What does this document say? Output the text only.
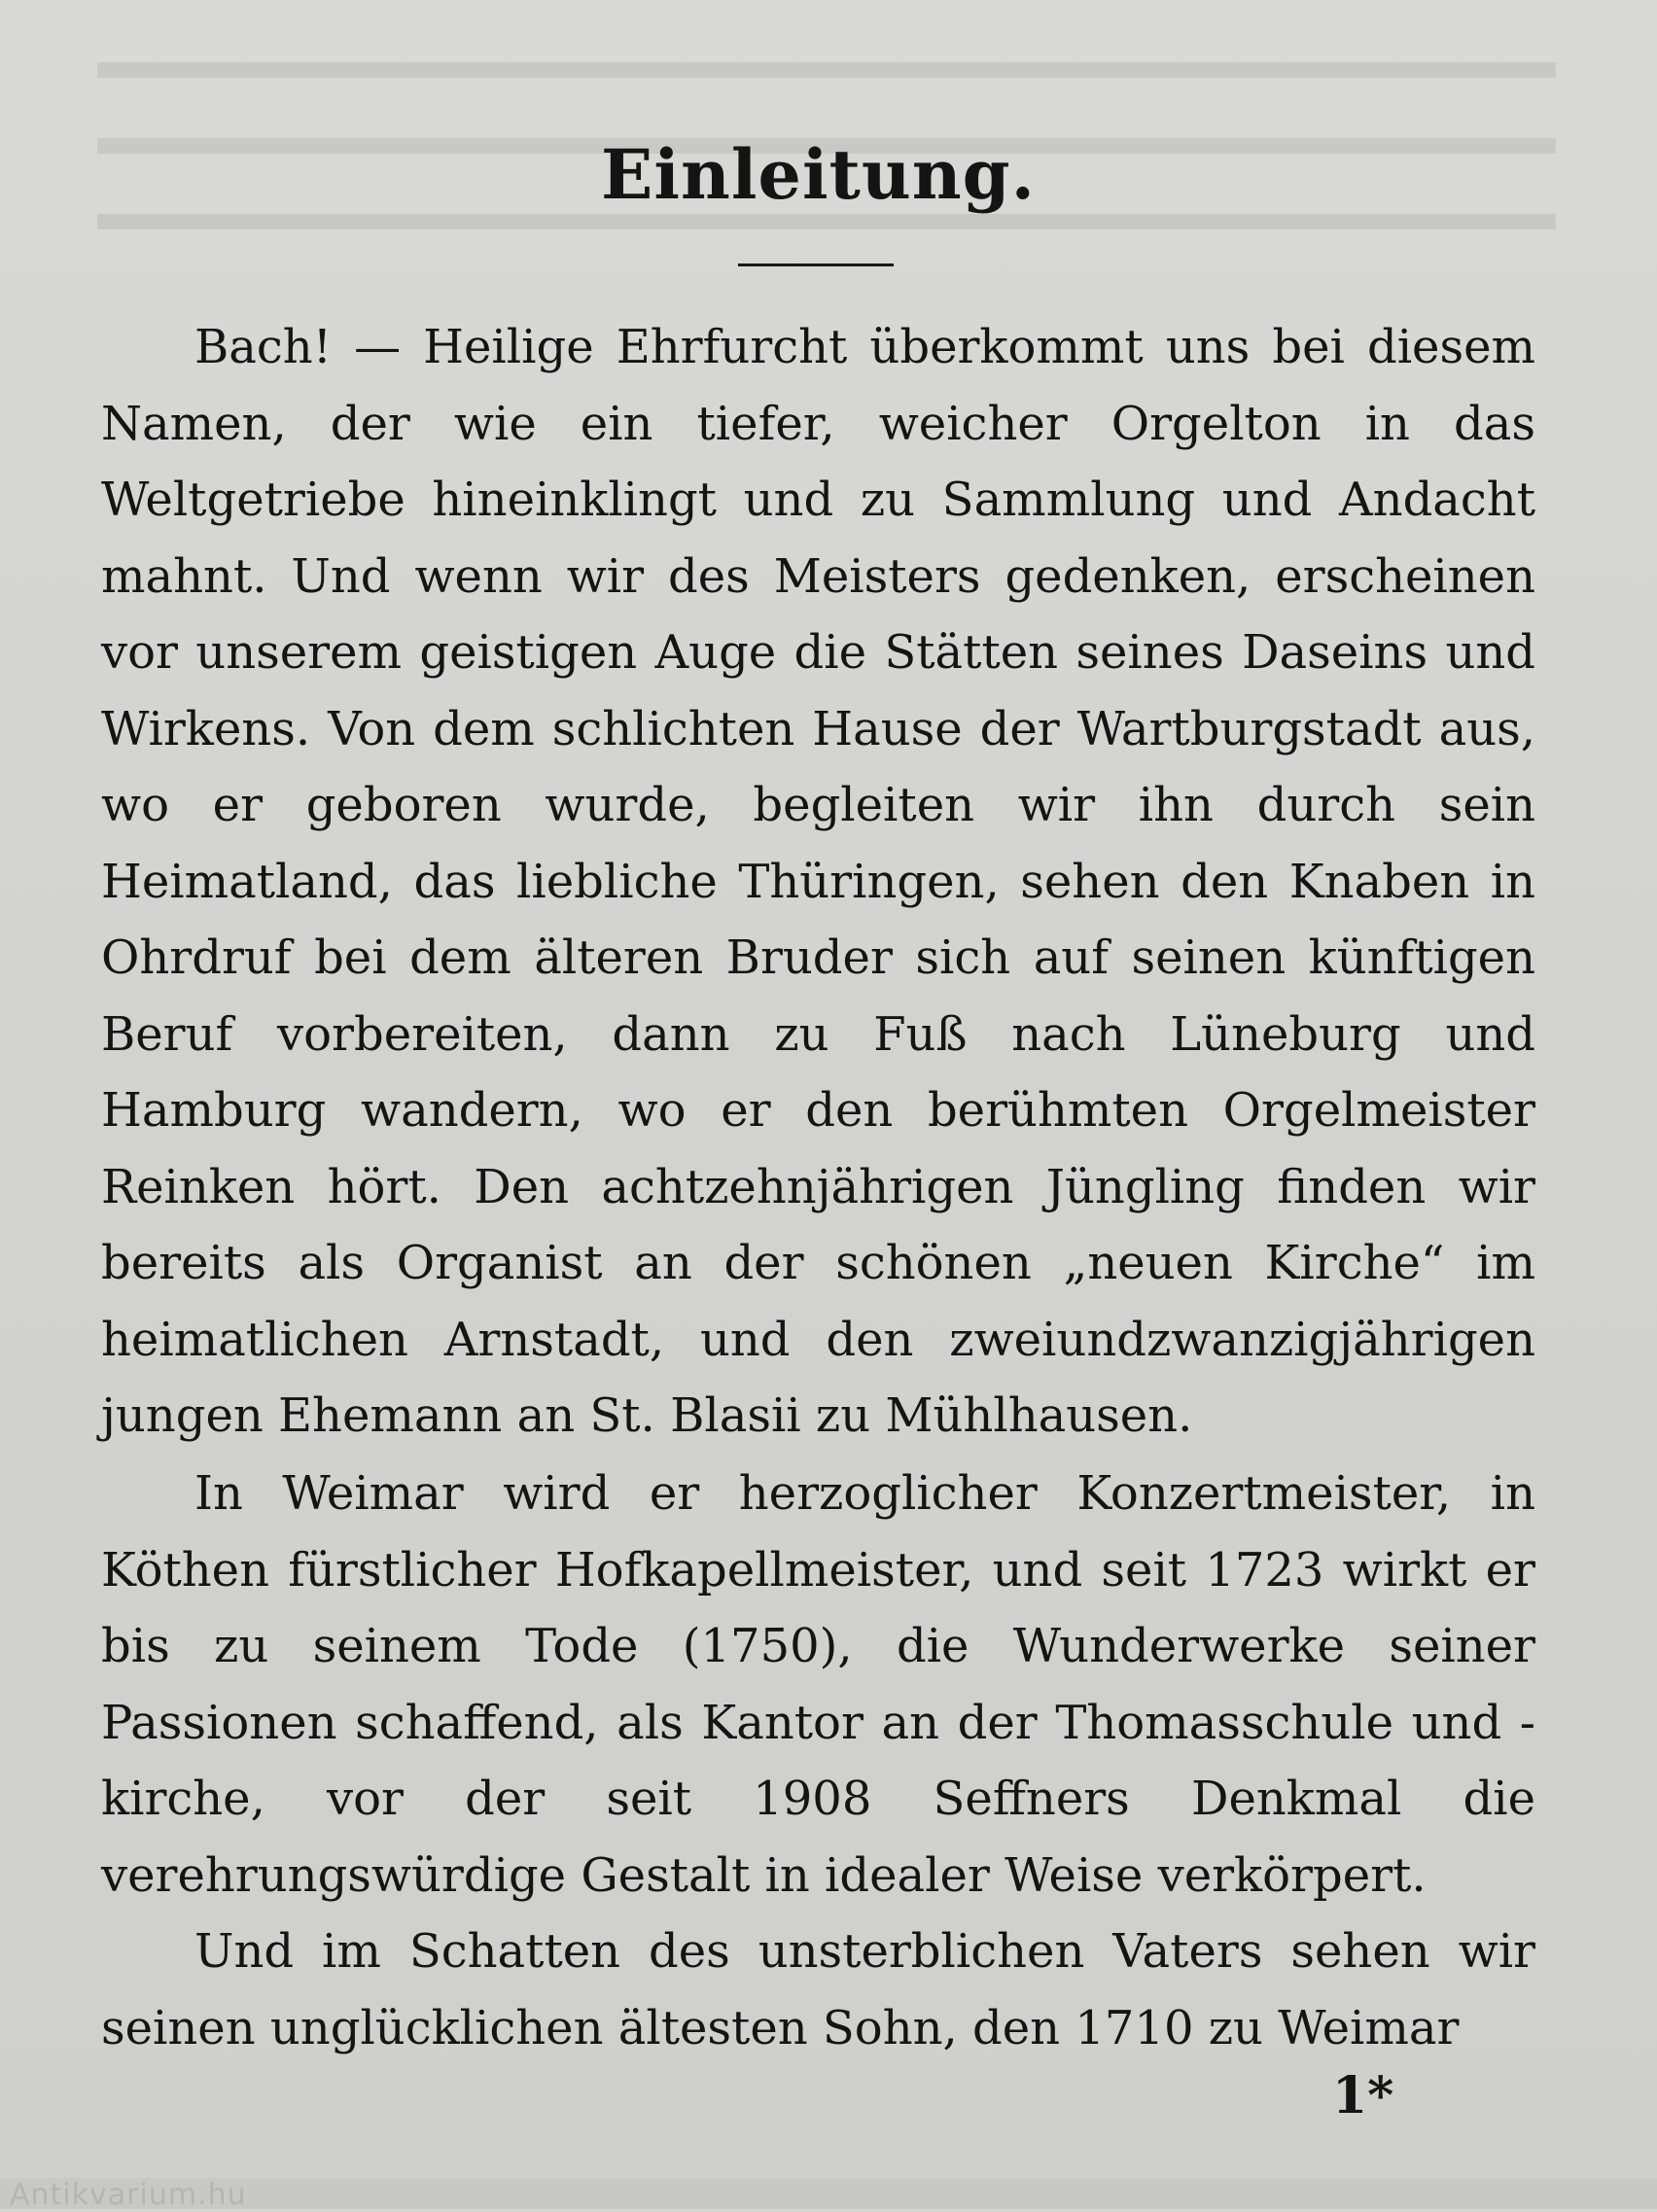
Einleitung.

Bach! — Heilige Ehrfurcht überkommt uns bei diesem Namen, der wie ein tiefer, weicher Orgelton in das Weltgetriebe hineinklingt und zu Sammlung und Andacht mahnt. Und wenn wir des Meisters gedenken, erscheinen vor unserem geistigen Auge die Stätten seines Daseins und Wirkens. Von dem schlichten Hause der Wartburgstadt aus, wo er geboren wurde, begleiten wir ihn durch sein Heimatland, das liebliche Thüringen, sehen den Knaben in Ohrdruf bei dem älteren Bruder sich auf seinen künftigen Beruf vorbereiten, dann zu Fuß nach Lüneburg und Hamburg wandern, wo er den berühmten Orgelmeister Reinken hört. Den achtzehnjährigen Jüngling finden wir bereits als Organist an der schönen „neuen Kirche“ im heimatlichen Arnstadt, und den zweiundzwanzigjährigen jungen Ehemann an St. Blasii zu Mühlhausen.

In Weimar wird er herzoglicher Konzertmeister, in Köthen fürstlicher Hofkapellmeister, und seit 1723 wirkt er bis zu seinem Tode (1750), die Wunderwerke seiner Passionen schaffend, als Kantor an der Thomasschule und -kirche, vor der seit 1908 Seffners Denkmal die verehrungswürdige Gestalt in idealer Weise verkörpert.

Und im Schatten des unsterblichen Vaters sehen wir seinen unglücklichen ältesten Sohn, den 1710 zu Weimar

1*

Antikvarium.hu
